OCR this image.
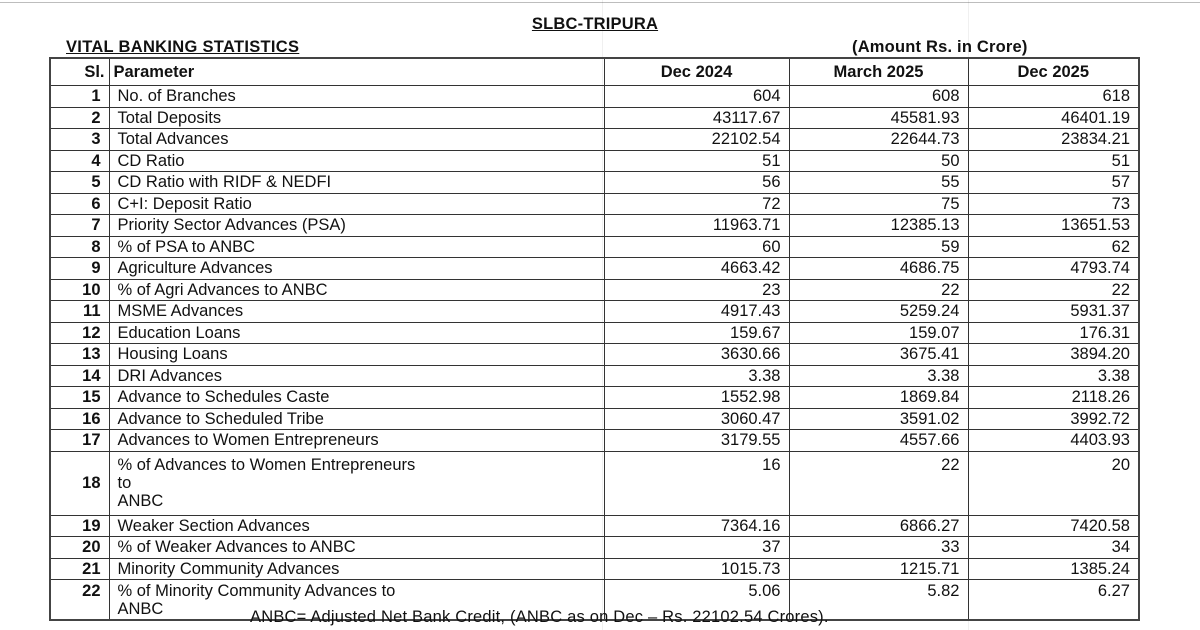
SLBC-TRIPURA
VITAL BANKING STATISTICS	(Amount Rs. in Crore)
Sl.	Parameter	Dec 2024	March 2025	Dec 2025
1	No. of Branches	604	608	618
2	Total Deposits	43117.67	45581.93	46401.19
3	Total Advances	22102.54	22644.73	23834.21
4	CD Ratio	51	50	51
5	CD Ratio with RIDF & NEDFI	56	55	57
6	C+I: Deposit Ratio	72	75	73
7	Priority Sector Advances (PSA)	11963.71	12385.13	13651.53
8	% of PSA to ANBC	60	59	62
9	Agriculture Advances	4663.42	4686.75	4793.74
10	% of Agri Advances to ANBC	23	22	22
11	MSME Advances	4917.43	5259.24	5931.37
12	Education Loans	159.67	159.07	176.31
13	Housing Loans	3630.66	3675.41	3894.20
14	DRI Advances	3.38	3.38	3.38
15	Advance to Schedules Caste	1552.98	1869.84	2118.26
16	Advance to Scheduled Tribe	3060.47	3591.02	3992.72
17	Advances to Women Entrepreneurs	3179.55	4557.66	4403.93
18	% of Advances to Women Entrepreneurs
to
ANBC	16	22	20
19	Weaker Section Advances	7364.16	6866.27	7420.58
20	% of Weaker Advances to ANBC	37	33	34
21	Minority Community Advances	1015.73	1215.71	1385.24
22	% of Minority Community Advances to
ANBC	5.06	5.82	6.27
ANBC= Adjusted Net Bank Credit, (ANBC as on Dec – Rs. 22102.54 Crores).
